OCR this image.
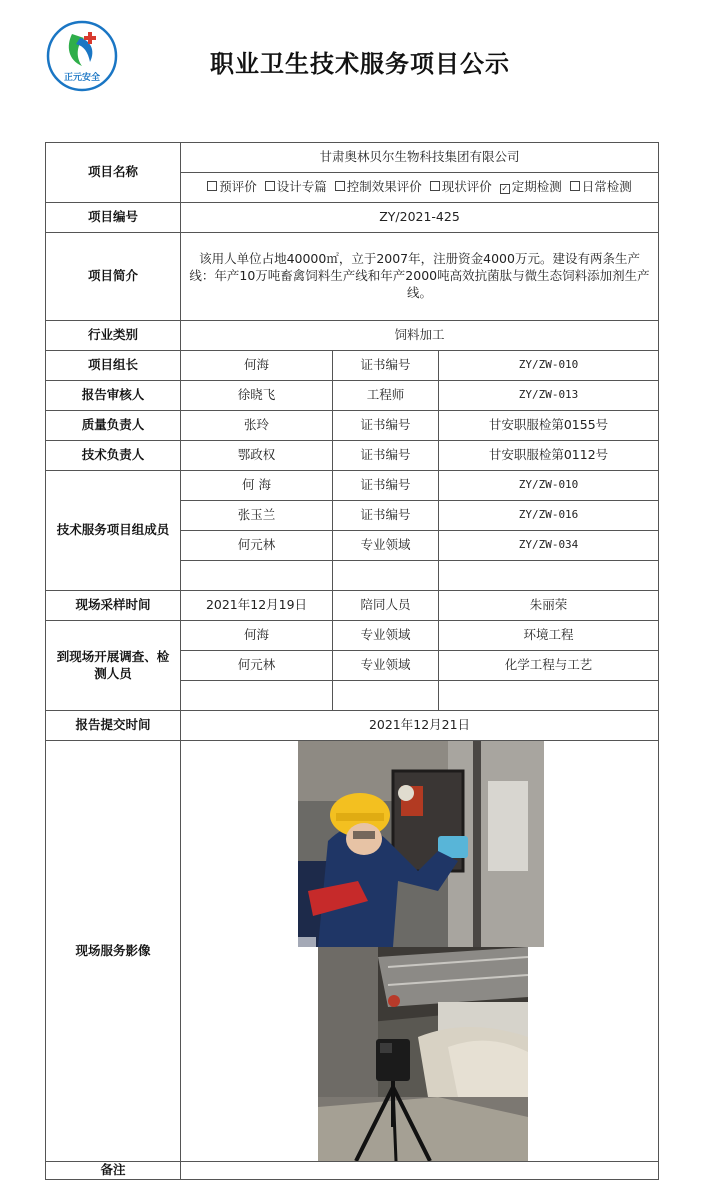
正元安全	职业卫生技术服务项目公示
项目名称	甘肃奥林贝尔生物科技集团有限公司		
	预评价 设计专篇 控制效果评价 现状评价 ✓ 定期检测 日常检测		
项目编号	ZY/2021-425		
项目简介	该用人单位占地40000㎡，立于2007年，注册资金4000万元。建设有两条生产线：年产10万吨畜禽饲料生产线和年产2000吨高效抗菌肽与微生态饲料添加剂生产线。		
行业类别	饲料加工		
项目组长	何海	证书编号	ZY/ZW-010
报告审核人	徐晓飞	工程师	ZY/ZW-013
质量负责人	张玲	证书编号	甘安职服检第0155号
技术负责人	鄂政权	证书编号	甘安职服检第0112号
技术服务项目组成员	何 海	证书编号	ZY/ZW-010
	张玉兰	证书编号	ZY/ZW-016
	何元林	专业领域	ZY/ZW-034

现场采样时间	2021年12月19日	陪同人员	朱丽荣
到现场开展调查、检测人员	何海	专业领域	环境工程
	何元林	专业领域	化学工程与工艺

报告提交时间	2021年12月21日		
现场服务影像	
备注			
